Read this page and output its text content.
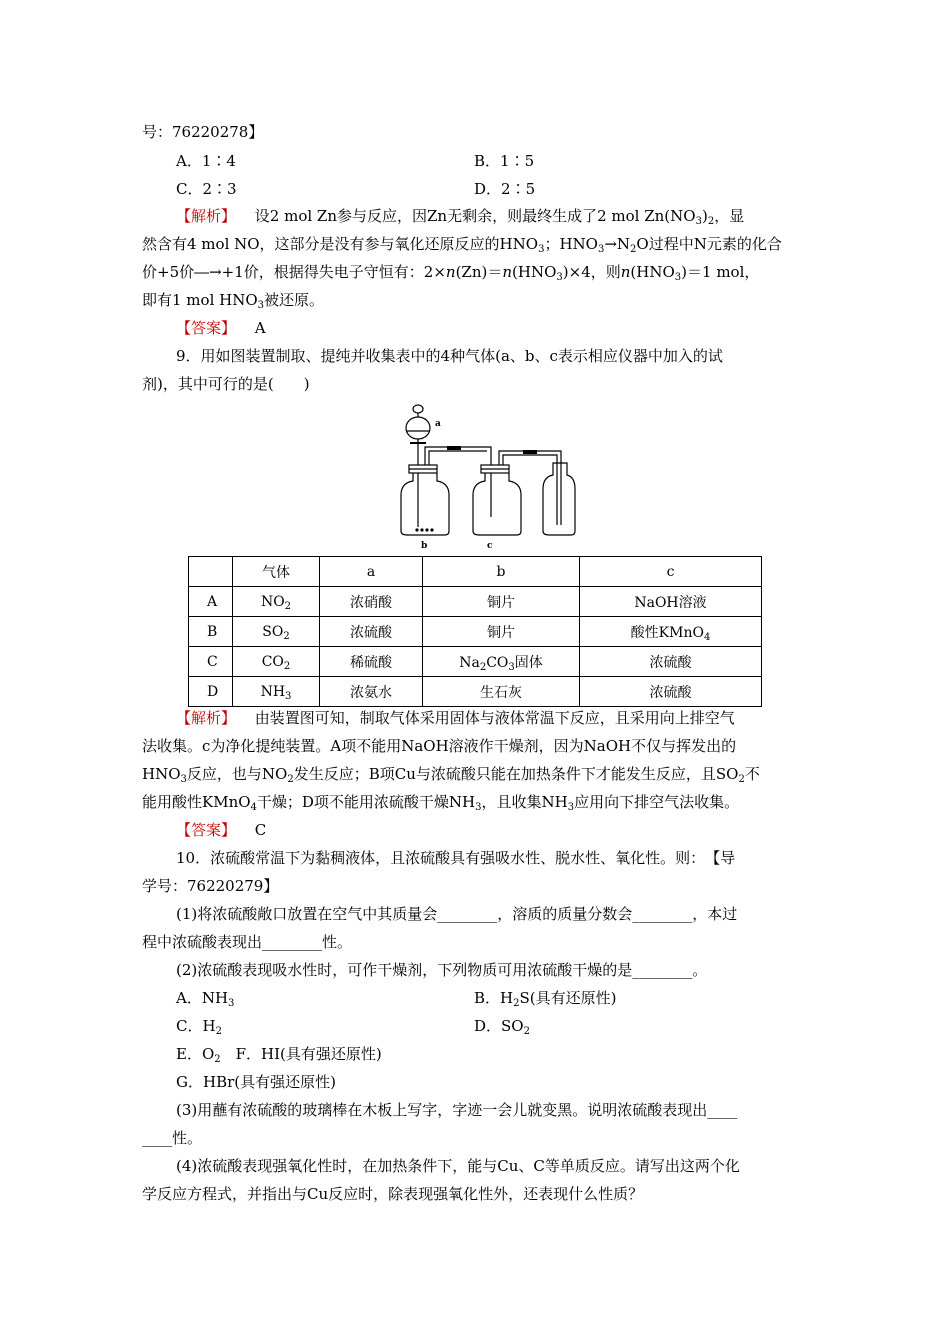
号：76220278】
A．1∶4	B．1∶5
C．2∶3	D．2∶5
【解析】 设2 mol Zn参与反应，因Zn无剩余，则最终生成了2 mol $Zn(NO_3)_2$，显
然含有4 mol NO，这部分是没有参与氧化还原反应的$HNO_3$；$HNO_3\to N_2O$过程中N元素的化合
价+5价―→+1价，根据得失电子守恒有：$2\times n(Zn)=n(HNO_3)\times 4$，则$n(HNO_3)=1$ mol，
即有1 mol $HNO_3$被还原。
【答案】 A
9．用如图装置制取、提纯并收集表中的4种气体(a、b、c表示相应仪器中加入的试
剂)，其中可行的是(　　)
a
b	c
	气体	a	b	c
A	$NO_2$	浓硝酸	铜片	NaOH溶液
B	$SO_2$	浓硫酸	铜片	酸性KMnO$_4$
C	$CO_2$	稀硫酸	$Na_2CO_3$固体	浓硫酸
D	$NH_3$	浓氨水	生石灰	浓硫酸
【解析】 由装置图可知，制取气体采用固体与液体常温下反应，且采用向上排空气
法收集。c为净化提纯装置。A项不能用NaOH溶液作干燥剂，因为NaOH不仅与挥发出的
$HNO_3$反应，也与$NO_2$发生反应；B项Cu与浓硫酸只能在加热条件下才能发生反应，且$SO_2$不
能用酸性KMnO$_4$干燥；D项不能用浓硫酸干燥$NH_3$，且收集$NH_3$应用向下排空气法收集。
【答案】 C
10．浓硫酸常温下为黏稠液体，且浓硫酸具有强吸水性、脱水性、氧化性。则：　【导
学号：76220279】
(1)将浓硫酸敞口放置在空气中其质量会________，溶质的质量分数会________，本过
程中浓硫酸表现出________性。
(2)浓硫酸表现吸水性时，可作干燥剂，下列物质可用浓硫酸干燥的是________。
A．$NH_3$	B．$H_2S$(具有还原性)
C．$H_2$	D．$SO_2$
E．$O_2$　F．HI(具有强还原性)
G．HBr(具有强还原性)
(3)用蘸有浓硫酸的玻璃棒在木板上写字，字迹一会儿就变黑。说明浓硫酸表现出____
____性。
(4)浓硫酸表现强氧化性时，在加热条件下，能与Cu、C等单质反应。请写出这两个化
学反应方程式，并指出与Cu反应时，除表现强氧化性外，还表现什么性质？
